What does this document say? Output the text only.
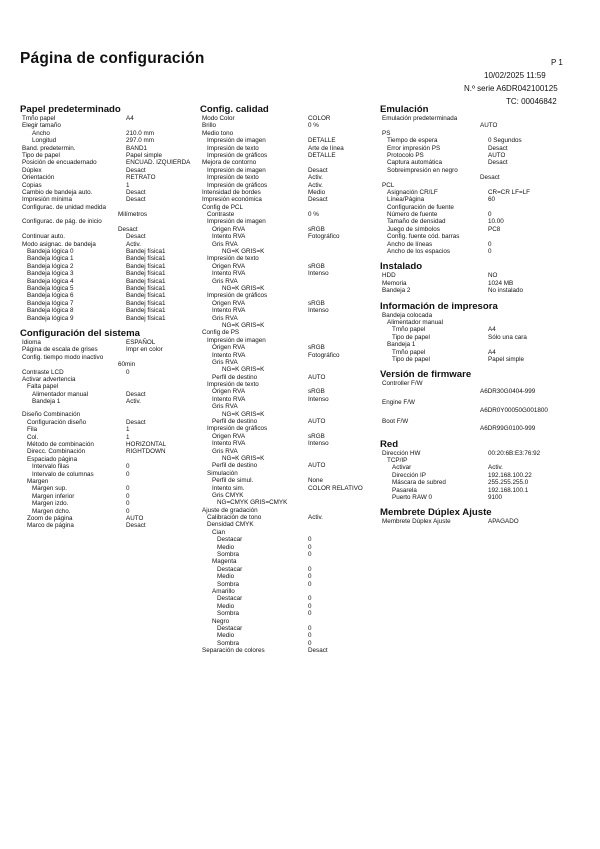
Página de configuración	P 1
10/02/2025 11:59
N.º serie A6DR042100125
TC: 00046842
Papel predeterminado
Tmño papel	A4
Elegir tamaño
Ancho	210.0 mm
Longitud	297.0 mm
Band. predetermin.	BAND1
Tipo de papel	Papel simple
Posición de encuadernado	ENCUAD. IZQUIERDA
Dúplex	Desact
Orientación	RETRATO
Copias	1
Cambio de bandeja auto.	Desact
Impresión mínima	Desact
Configurac. de unidad medida
Milímetros
Configurac. de pág. de inicio
Desact
Continuar auto.	Desact
Modo asignac. de bandeja	Activ.
Bandeja lógica 0	Bandej física1
Bandeja lógica 1	Bandej física1
Bandeja lógica 2	Bandej física1
Bandeja lógica 3	Bandej física1
Bandeja lógica 4	Bandej física1
Bandeja lógica 5	Bandej física1
Bandeja lógica 6	Bandej física1
Bandeja lógica 7	Bandej física1
Bandeja lógica 8	Bandej física1
Bandeja lógica 9	Bandej física1
Configuración del sistema
Idioma	ESPAÑOL
Página de escala de grises	Impr en color
Config. tiempo modo inactivo
60min
Contraste LCD	0
Activar advertencia
Falta papel
Alimentador manual	Desact
Bandeja 1	Activ.
Diseño Combinación
Configuración diseño	Desact
Fila	1
Col.	1
Método de combinación	HORIZONTAL
Direcc. Combinación	RIGHTDOWN
Espaciado página
Intervalo filas	0
Intervalo de columnas	0
Margen
Margen sup.	0
Margen inferior	0
Margen izdo.	0
Margen dcho.	0
Zoom de página	AUTO
Marco de página	Desact
Config. calidad
Modo Color	COLOR
Brillo	0 %
Medio tono
Impresión de imagen	DETALLE
Impresión de texto	Arte de línea
Impresión de gráficos	DETALLE
Mejora de contorno
Impresión de imagen	Desact
Impresión de texto	Activ.
Impresión de gráficos	Activ.
Intensidad de bordes	Medio
Impresión económica	Desact
Config de PCL
Contraste	0 %
Impresión de imagen
Origen RVA	sRGB
Intento RVA	Fotográfico
Gris RVA
NG=K GRIS=K
Impresión de texto
Origen RVA	sRGB
Intento RVA	Intenso
Gris RVA
NG=K GRIS=K
Impresión de gráficos
Origen RVA	sRGB
Intento RVA	Intenso
Gris RVA
NG=K GRIS=K
Config de PS
Impresión de imagen
Origen RVA	sRGB
Intento RVA	Fotográfico
Gris RVA
NG=K GRIS=K
Perfil de destino	AUTO
Impresión de texto
Origen RVA	sRGB
Intento RVA	Intenso
Gris RVA
NG=K GRIS=K
Perfil de destino	AUTO
Impresión de gráficos
Origen RVA	sRGB
Intento RVA	Intenso
Gris RVA
NG=K GRIS=K
Perfil de destino	AUTO
Simulación
Perfil de simul.	None
Intento sim.	COLOR RELATIVO
Gris CMYK
NG=CMYK GRIS=CMYK
Ajuste de gradación
Calibración de tono	Activ.
Densidad CMYK
Cian
Destacar	0
Medio	0
Sombra	0
Magenta
Destacar	0
Medio	0
Sombra	0
Amarillo
Destacar	0
Medio	0
Sombra	0
Negro
Destacar	0
Medio	0
Sombra	0
Separación de colores	Desact
Emulación
Emulación predeterminada
AUTO
PS
Tiempo de espera	0 Segundos
Error impresión PS	Desact
Protocolo PS	AUTO
Captura automática	Desact
Sobreimpresión en negro
Desact
PCL
Asignación CR/LF	CR=CR LF=LF
Línea/Página	60
Configuración de fuente
Número de fuente	0
Tamaño de densidad	10.00
Juego de símbolos	PC8
Config. fuente cód. barras
Ancho de líneas	0
Ancho de los espacios	0
Instalado
HDD	NO
Memoria	1024 MB
Bandeja 2	No instalado
Información de impresora
Bandeja colocada
Alimentador manual
Tmño papel	A4
Tipo de papel	Sólo una cara
Bandeja 1
Tmño papel	A4
Tipo de papel	Papel simple
Versión de firmware
Controller F/W
A6DR30G0404-999
Engine F/W
A6DR0Y00050G001800
Boot F/W
A6DR99G0100-999
Red
Dirección HW	00:20:6B:E3:76:92
TCP/IP
Activar	Activ.
Dirección IP	192.168.100.22
Máscara de subred	255.255.255.0
Pasarela	192.168.100.1
Puerto RAW 0	9100
Membrete Dúplex Ajuste
Membrete Dúplex Ajuste	APAGADO
